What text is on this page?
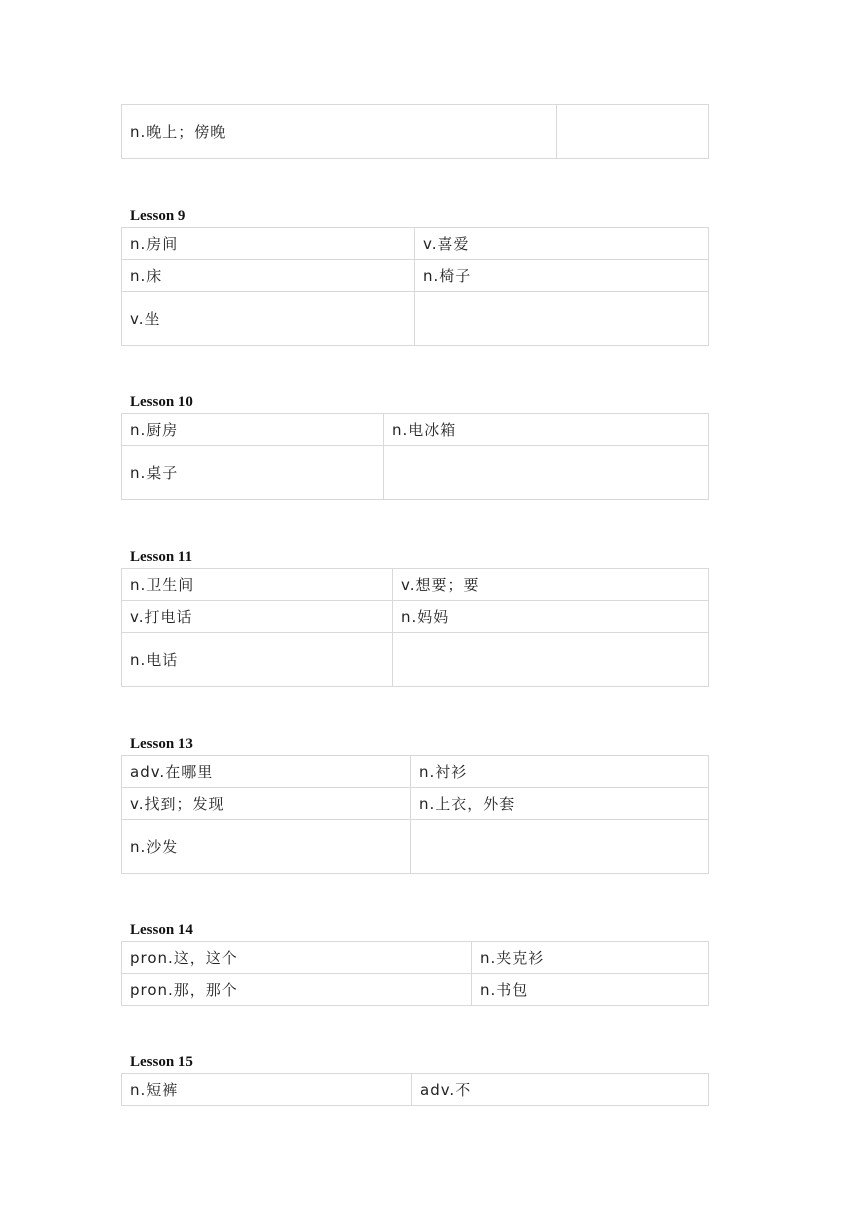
n.晚上；傍晚	
Lesson 9
n.房间	v.喜爱
n.床	n.椅子
v.坐	
Lesson 10
n.厨房	n.电冰箱
n.桌子	
Lesson 11
n.卫生间	v.想要；要
v.打电话	n.妈妈
n.电话	
Lesson 13
adv.在哪里	n.衬衫
v.找到；发现	n.上衣，外套
n.沙发	
Lesson 14
pron.这，这个	n.夹克衫
pron.那，那个	n.书包
Lesson 15
n.短裤	adv.不
